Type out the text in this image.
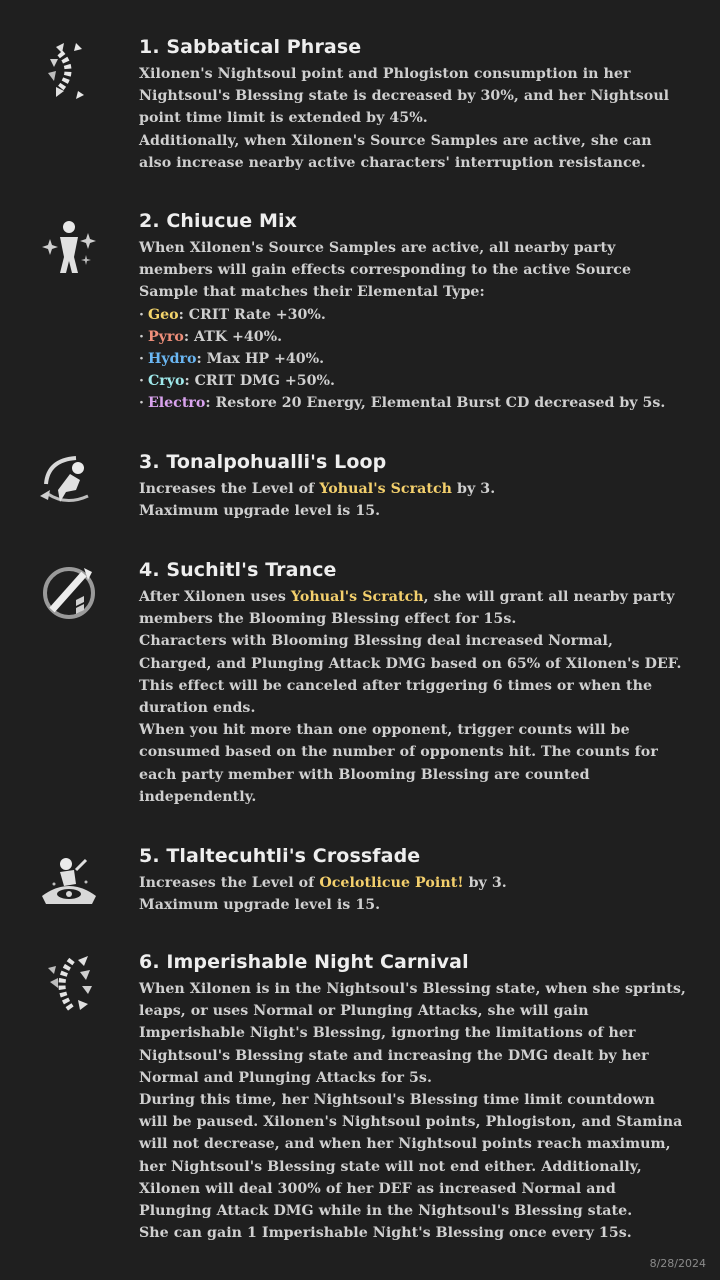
1. Sabbatical Phrase

Xilonen's Nightsoul point and Phlogiston consumption in her

Nightsoul's Blessing state is decreased by 30%, and her Nightsoul

point time limit is extended by 45%.

Additionally, when Xilonen's Source Samples are active, she can

also increase nearby active characters' interruption resistance.

2. Chiucue Mix

When Xilonen's Source Samples are active, all nearby party

members will gain effects corresponding to the active Source

Sample that matches their Elemental Type:

· Geo: CRIT Rate +30%.

· Pyro: ATK +40%.

· Hydro: Max HP +40%.

· Cryo: CRIT DMG +50%.

· Electro: Restore 20 Energy, Elemental Burst CD decreased by 5s.

3. Tonalpohualli's Loop

Increases the Level of Yohual's Scratch by 3.

Maximum upgrade level is 15.

4. Suchitl's Trance

After Xilonen uses Yohual's Scratch, she will grant all nearby party

members the Blooming Blessing effect for 15s.

Characters with Blooming Blessing deal increased Normal,

Charged, and Plunging Attack DMG based on 65% of Xilonen's DEF.

This effect will be canceled after triggering 6 times or when the

duration ends.

When you hit more than one opponent, trigger counts will be

consumed based on the number of opponents hit. The counts for

each party member with Blooming Blessing are counted

independently.

5. Tlaltecuhtli's Crossfade

Increases the Level of Ocelotlicue Point! by 3.

Maximum upgrade level is 15.

6. Imperishable Night Carnival

When Xilonen is in the Nightsoul's Blessing state, when she sprints,

leaps, or uses Normal or Plunging Attacks, she will gain

Imperishable Night's Blessing, ignoring the limitations of her

Nightsoul's Blessing state and increasing the DMG dealt by her

Normal and Plunging Attacks for 5s.

During this time, her Nightsoul's Blessing time limit countdown

will be paused. Xilonen's Nightsoul points, Phlogiston, and Stamina

will not decrease, and when her Nightsoul points reach maximum,

her Nightsoul's Blessing state will not end either. Additionally,

Xilonen will deal 300% of her DEF as increased Normal and

Plunging Attack DMG while in the Nightsoul's Blessing state.

She can gain 1 Imperishable Night's Blessing once every 15s.

8/28/2024
